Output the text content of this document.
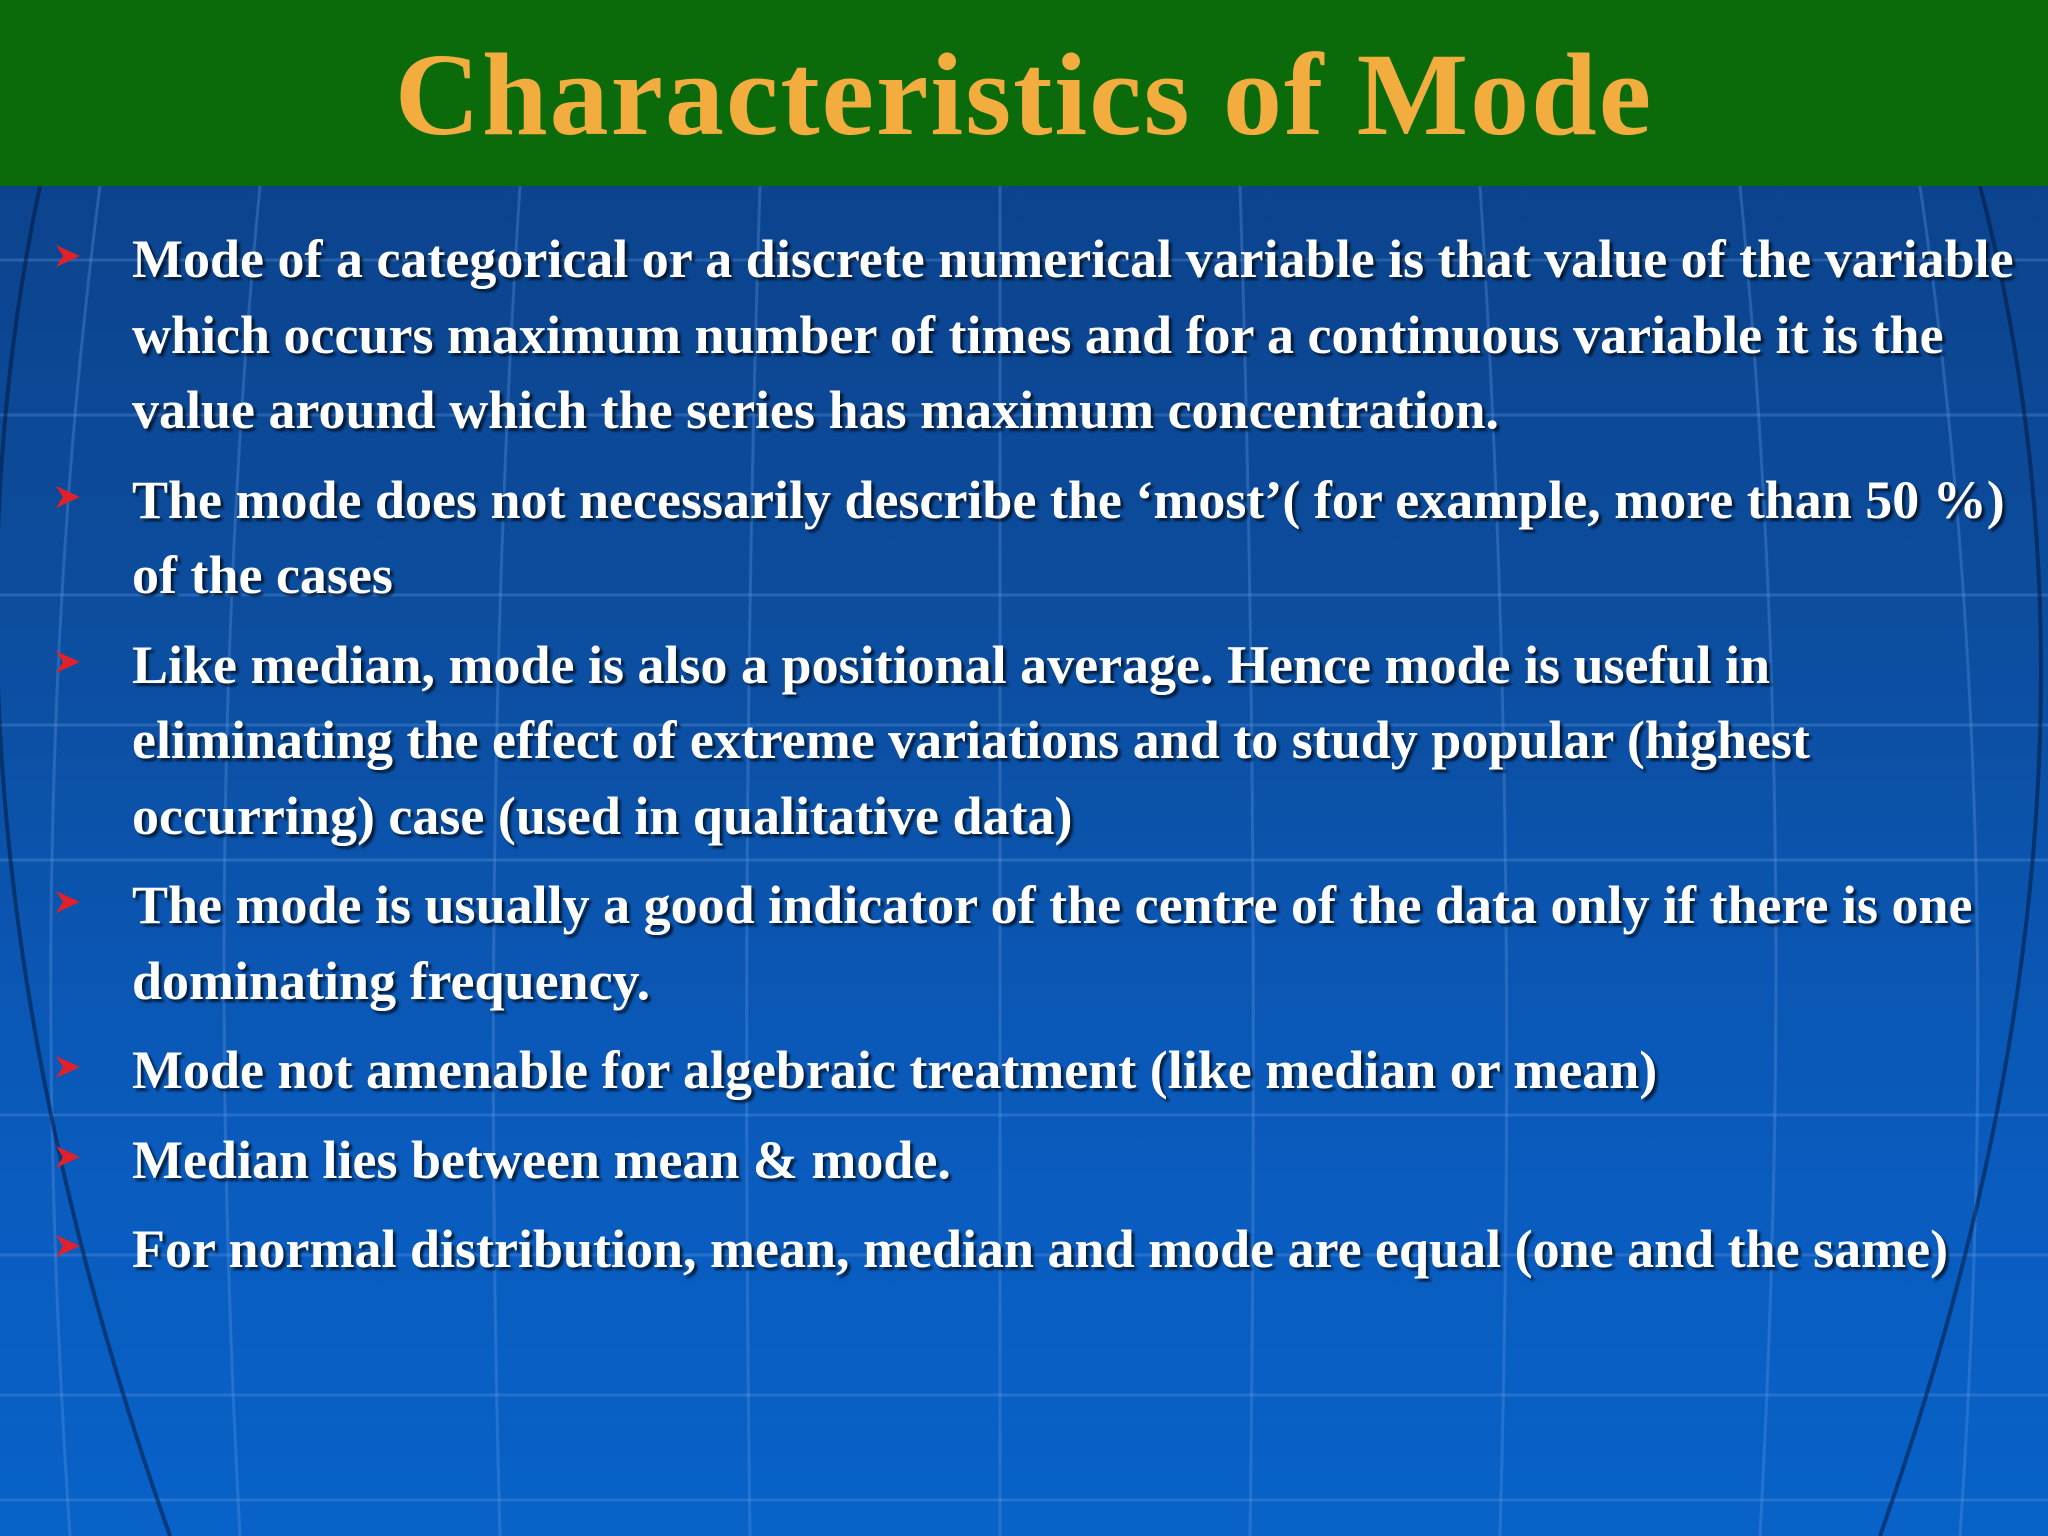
Characteristics of Mode
Mode of a categorical or a discrete numerical variable is that value of the variable which occurs maximum number of times and for a continuous variable it is the value around which the series has maximum concentration.
The mode does not necessarily describe the ‘most’( for example, more than 50 %) of the cases
Like median, mode is also a positional average. Hence mode is useful in eliminating the effect of extreme variations and to study popular (highest occurring) case (used in qualitative data)
The mode is usually a good indicator of the centre of the data only if there is one dominating frequency.
Mode not amenable for algebraic treatment (like median or mean)
Median lies between mean & mode.
For normal distribution, mean, median and mode are equal (one and the same)
